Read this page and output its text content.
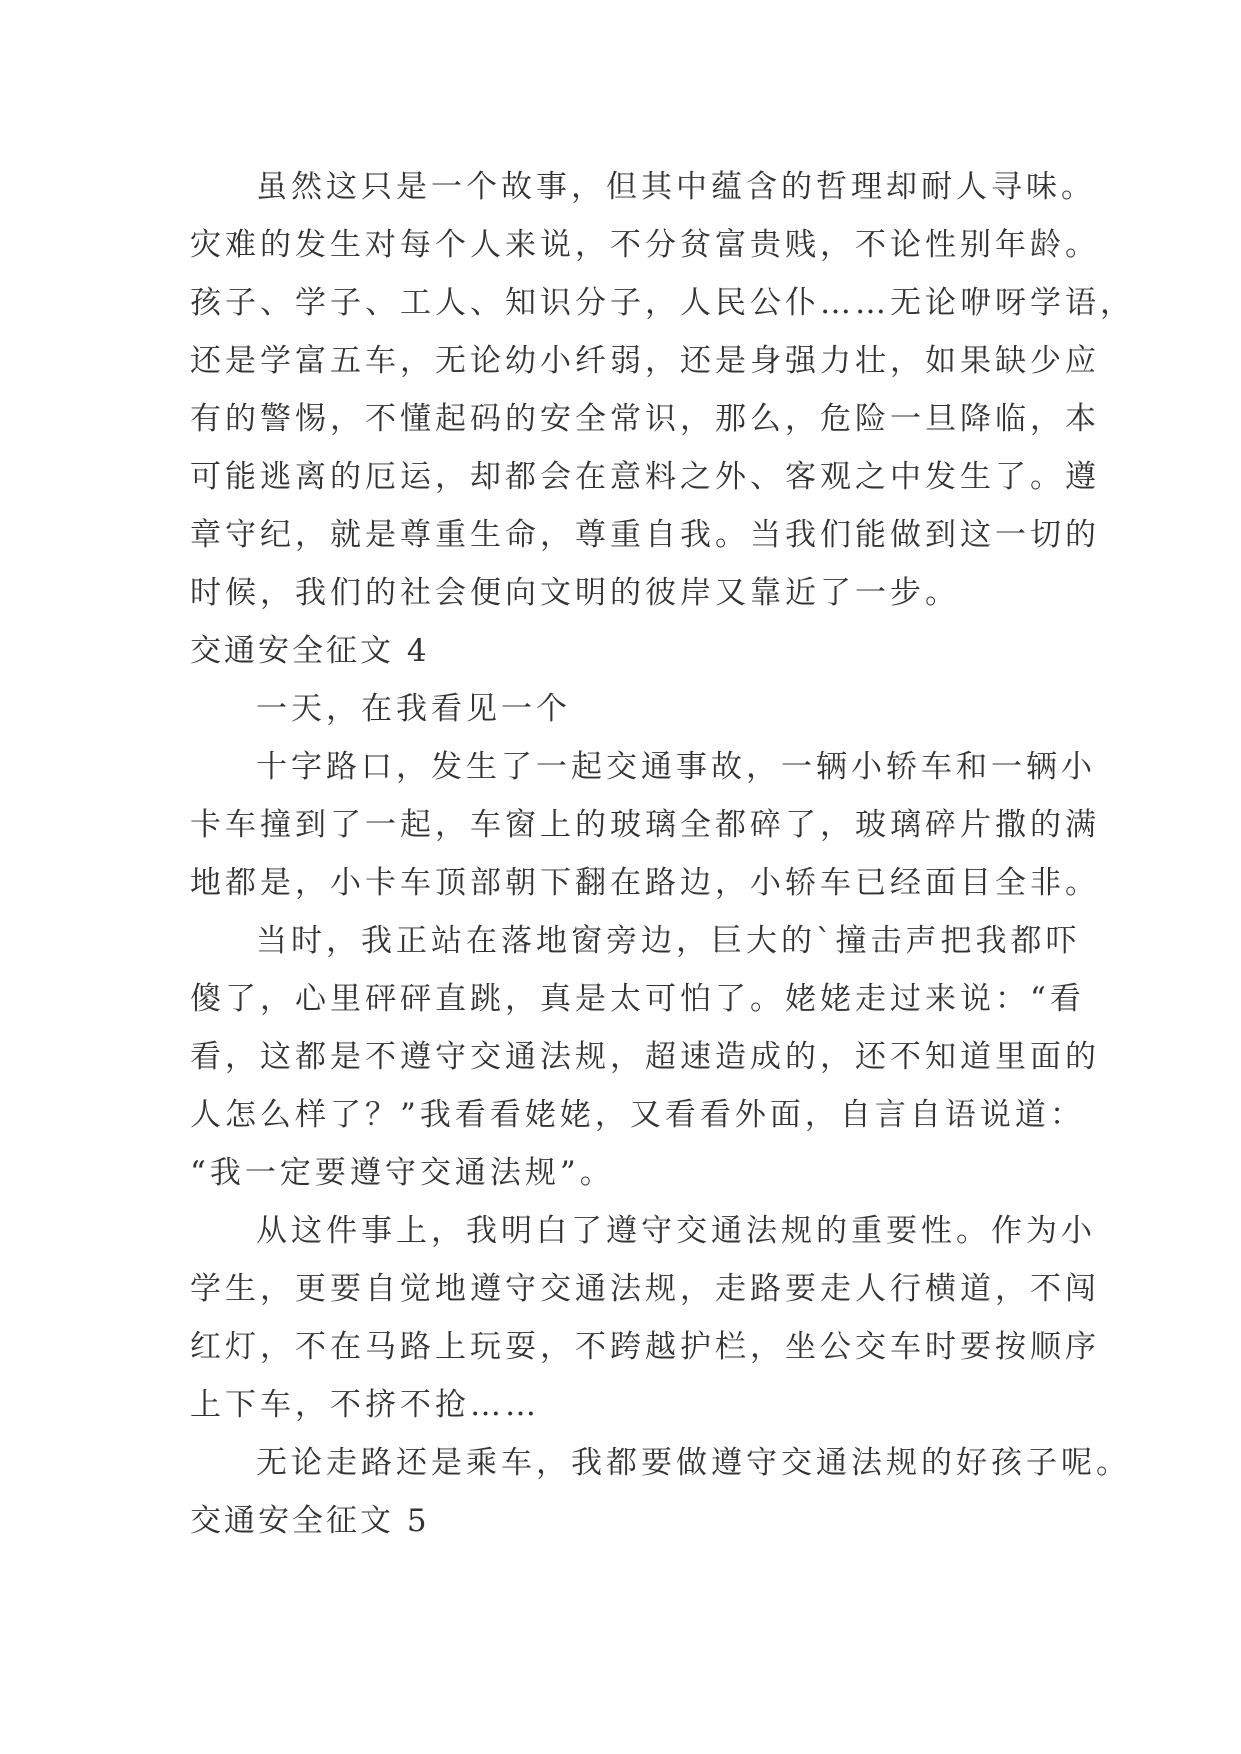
虽然这只是一个故事，但其中蕴含的哲理却耐人寻味。
灾难的发生对每个人来说，不分贫富贵贱，不论性别年龄。
孩子、学子、工人、知识分子，人民公仆……无论咿呀学语，
还是学富五车，无论幼小纤弱，还是身强力壮，如果缺少应
有的警惕，不懂起码的安全常识，那么，危险一旦降临，本
可能逃离的厄运，却都会在意料之外、客观之中发生了。遵
章守纪，就是尊重生命，尊重自我。当我们能做到这一切的
时候，我们的社会便向文明的彼岸又靠近了一步。
交通安全征文 4
一天，在我看见一个
十字路口，发生了一起交通事故，一辆小轿车和一辆小
卡车撞到了一起，车窗上的玻璃全都碎了，玻璃碎片撒的满
地都是，小卡车顶部朝下翻在路边，小轿车已经面目全非。
当时，我正站在落地窗旁边，巨大的`撞击声把我都吓
傻了，心里砰砰直跳，真是太可怕了。姥姥走过来说：“看
看，这都是不遵守交通法规，超速造成的，还不知道里面的
人怎么样了？”我看看姥姥，又看看外面，自言自语说道：
“我一定要遵守交通法规”。
从这件事上，我明白了遵守交通法规的重要性。作为小
学生，更要自觉地遵守交通法规，走路要走人行横道，不闯
红灯，不在马路上玩耍，不跨越护栏，坐公交车时要按顺序
上下车，不挤不抢……
无论走路还是乘车，我都要做遵守交通法规的好孩子呢。
交通安全征文 5
